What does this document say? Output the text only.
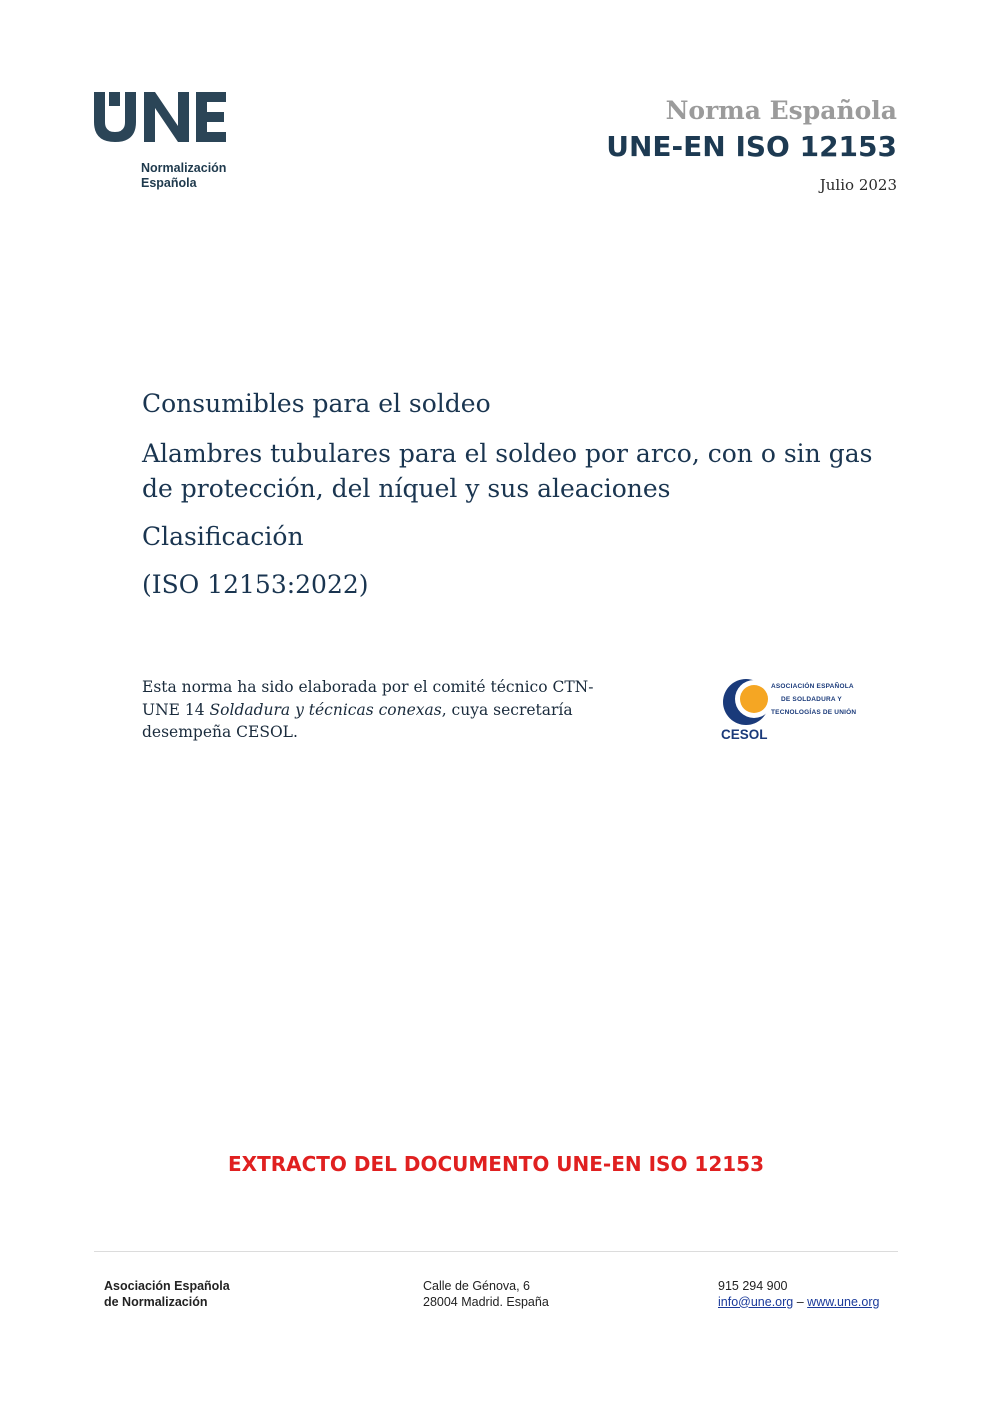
Normalización
Española
Norma Española
UNE-EN ISO 12153
Julio 2023
Consumibles para el soldeo
Alambres tubulares para el soldeo por arco, con o sin gas
de protección, del níquel y sus aleaciones
Clasificación
(ISO 12153:2022)
Esta norma ha sido elaborada por el comité técnico CTN-UNE 14 Soldadura y técnicas conexas, cuya secretaría desempeña CESOL.
ASOCIACIÓN ESPAÑOLA
DE SOLDADURA Y
TECNOLOGÍAS DE UNIÓN
CESOL
EXTRACTO DEL DOCUMENTO UNE-EN ISO 12153
Asociación Española
de Normalización
Calle de Génova, 6
28004 Madrid. España
915 294 900
info@une.org – www.une.org
